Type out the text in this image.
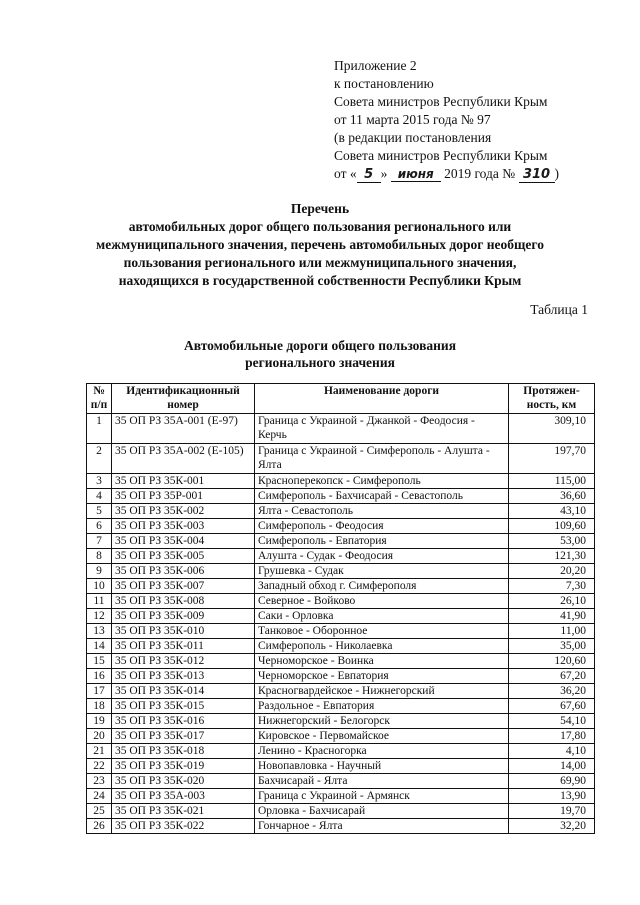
Приложение 2
к постановлению
Совета министров Республики Крым
от 11 марта 2015 года № 97
(в редакции постановления
Совета министров Республики Крым
от « 5 » июня 2019 года № 310 )
Перечень
автомобильных дорог общего пользования регионального или
межмуниципального значения, перечень автомобильных дорог необщего
пользования регионального или межмуниципального значения,
находящихся в государственной собственности Республики Крым
Таблица 1
Автомобильные дороги общего пользования
регионального значения
№ п/п	Идентификационный номер	Наименование дороги	Протяжен-ность, км
1	35 ОП РЗ 35А-001 (Е-97)	Граница с Украиной - Джанкой - Феодосия - Керчь	309,10
2	35 ОП РЗ 35А-002 (Е-105)	Граница с Украиной - Симферополь - Алушта - Ялта	197,70
3	35 ОП РЗ 35К-001	Красноперекопск - Симферополь	115,00
4	35 ОП РЗ 35Р-001	Симферополь - Бахчисарай - Севастополь	36,60
5	35 ОП РЗ 35К-002	Ялта - Севастополь	43,10
6	35 ОП РЗ 35К-003	Симферополь - Феодосия	109,60
7	35 ОП РЗ 35К-004	Симферополь - Евпатория	53,00
8	35 ОП РЗ 35К-005	Алушта - Судак - Феодосия	121,30
9	35 ОП РЗ 35К-006	Грушевка - Судак	20,20
10	35 ОП РЗ 35К-007	Западный обход г. Симферополя	7,30
11	35 ОП РЗ 35К-008	Северное - Войково	26,10
12	35 ОП РЗ 35К-009	Саки - Орловка	41,90
13	35 ОП РЗ 35К-010	Танковое - Оборонное	11,00
14	35 ОП РЗ 35К-011	Симферополь - Николаевка	35,00
15	35 ОП РЗ 35К-012	Черноморское - Воинка	120,60
16	35 ОП РЗ 35К-013	Черноморское - Евпатория	67,20
17	35 ОП РЗ 35К-014	Красногвардейское - Нижнегорский	36,20
18	35 ОП РЗ 35К-015	Раздольное - Евпатория	67,60
19	35 ОП РЗ 35К-016	Нижнегорский - Белогорск	54,10
20	35 ОП РЗ 35К-017	Кировское - Первомайское	17,80
21	35 ОП РЗ 35К-018	Ленино - Красногорка	4,10
22	35 ОП РЗ 35К-019	Новопавловка - Научный	14,00
23	35 ОП РЗ 35К-020	Бахчисарай - Ялта	69,90
24	35 ОП РЗ 35А-003	Граница с Украиной - Армянск	13,90
25	35 ОП РЗ 35К-021	Орловка - Бахчисарай	19,70
26	35 ОП РЗ 35К-022	Гончарное - Ялта	32,20
